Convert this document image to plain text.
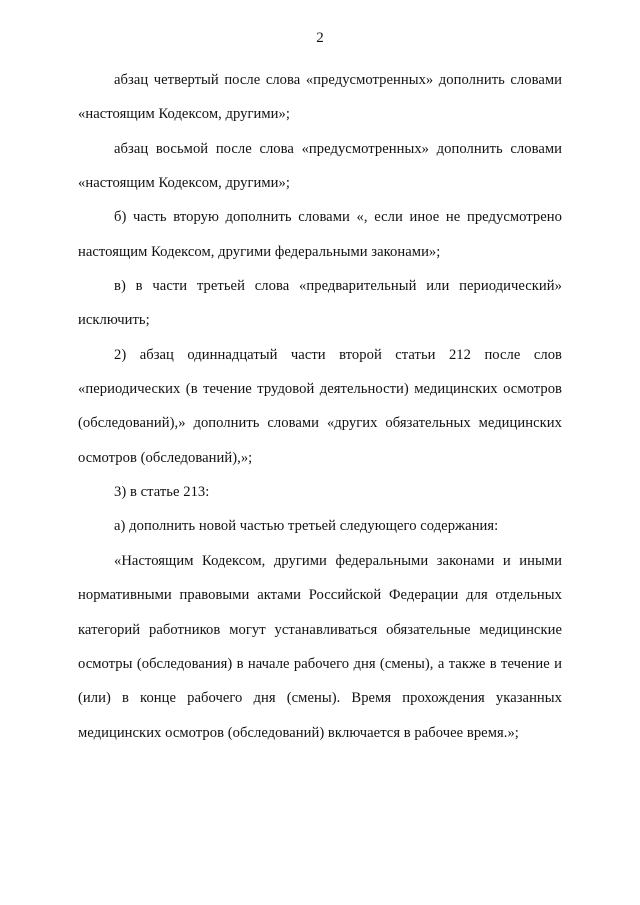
2

абзац четвертый после слова «предусмотренных» дополнить словами «настоящим Кодексом, другими»;

абзац восьмой после слова «предусмотренных» дополнить словами «настоящим Кодексом, другими»;

б) часть вторую дополнить словами «, если иное не предусмотрено настоящим Кодексом, другими федеральными законами»;

в) в части третьей слова «предварительный или периодический» исключить;

2) абзац одиннадцатый части второй статьи 212 после слов «периодических (в течение трудовой деятельности) медицинских осмотров (обследований),» дополнить словами «других обязательных медицинских осмотров (обследований),»;

3) в статье 213:

а) дополнить новой частью третьей следующего содержания:

«Настоящим Кодексом, другими федеральными законами и иными нормативными правовыми актами Российской Федерации для отдельных категорий работников могут устанавливаться обязательные медицинские осмотры (обследования) в начале рабочего дня (смены), а также в течение и (или) в конце рабочего дня (смены). Время прохождения указанных медицинских осмотров (обследований) включается в рабочее время.»;
